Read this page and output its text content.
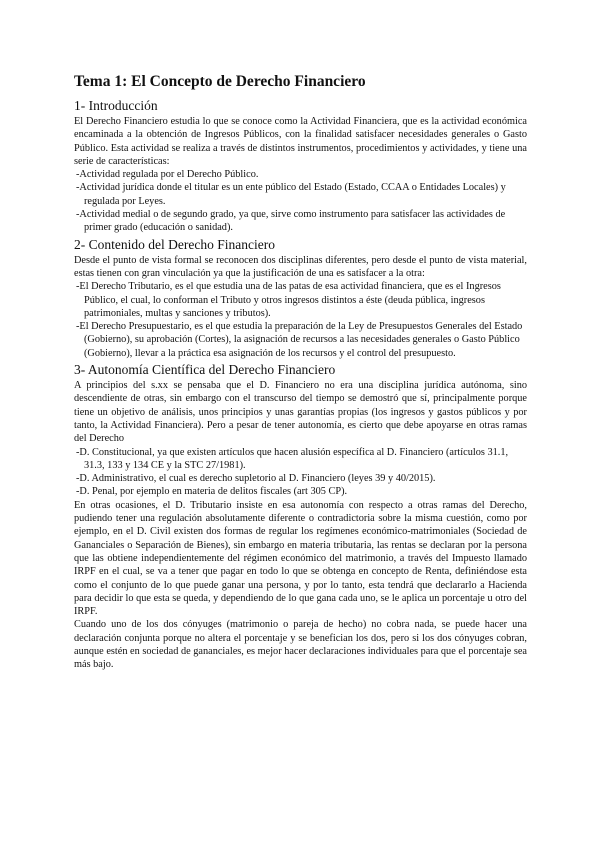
Tema 1: El Concepto de Derecho Financiero
1- Introducción

El Derecho Financiero estudia lo que se conoce como la Actividad Financiera, que es la actividad económica encaminada a la obtención de Ingresos Públicos, con la finalidad satisfacer necesidades generales o Gasto Público. Esta actividad se realiza a través de distintos instrumentos, procedimientos y actividades, y tiene una serie de características:

-Actividad regulada por el Derecho Público.
-Actividad jurídica donde el titular es un ente público del Estado (Estado, CCAA o Entidades Locales) y regulada por Leyes.
-Actividad medial o de segundo grado, ya que, sirve como instrumento para satisfacer las actividades de primer grado (educación o sanidad).
2- Contenido del Derecho Financiero

Desde el punto de vista formal se reconocen dos disciplinas diferentes, pero desde el punto de vista material, estas tienen con gran vinculación ya que la justificación de una es satisfacer a la otra:

-El Derecho Tributario, es el que estudia una de las patas de esa actividad financiera, que es el Ingresos Público, el cual, lo conforman el Tributo y otros ingresos distintos a éste (deuda pública, ingresos patrimoniales, multas y sanciones y tributos).
-El Derecho Presupuestario, es el que estudia la preparación de la Ley de Presupuestos Generales del Estado (Gobierno), su aprobación (Cortes), la asignación de recursos a las necesidades generales o Gasto Público (Gobierno), llevar a la práctica esa asignación de los recursos y el control del presupuesto.
3- Autonomía Científica del Derecho Financiero

A principios del s.xx se pensaba que el D. Financiero no era una disciplina jurídica autónoma, sino descendiente de otras, sin embargo con el transcurso del tiempo se demostró que sí, principalmente porque tiene un objetivo de análisis, unos principios y unas garantías propias (los ingresos y gastos públicos y por tanto, la Actividad Financiera). Pero a pesar de tener autonomía, es cierto que debe apoyarse en otras ramas del Derecho

-D. Constitucional, ya que existen artículos que hacen alusión específica al D. Financiero (artículos 31.1, 31.3, 133 y 134 CE y la STC 27/1981).
-D. Administrativo, el cual es derecho supletorio al D. Financiero (leyes 39 y 40/2015).
-D. Penal, por ejemplo en materia de delitos fiscales (art 305 CP).

En otras ocasiones, el D. Tributario insiste en esa autonomía con respecto a otras ramas del Derecho, pudiendo tener una regulación absolutamente diferente o contradictoria sobre la misma cuestión, como por ejemplo, en el D. Civil existen dos formas de regular los regímenes económico-matrimoniales (Sociedad de Gananciales o Separación de Bienes), sin embargo en materia tributaria, las rentas se declaran por la persona que las obtiene independientemente del régimen económico del matrimonio, a través del Impuesto llamado IRPF en el cual, se va a tener que pagar en todo lo que se obtenga en concepto de Renta, definiéndose esta como el conjunto de lo que puede ganar una persona, y por lo tanto, esta tendrá que declararlo a Hacienda para decidir lo que esta se queda, y dependiendo de lo que gana cada uno, se le aplica un porcentaje u otro del IRPF.

Cuando uno de los dos cónyuges (matrimonio o pareja de hecho) no cobra nada, se puede hacer una declaración conjunta porque no altera el porcentaje y se benefician los dos, pero si los dos cónyuges cobran, aunque estén en sociedad de gananciales, es mejor hacer declaraciones individuales para que el porcentaje sea más bajo.
